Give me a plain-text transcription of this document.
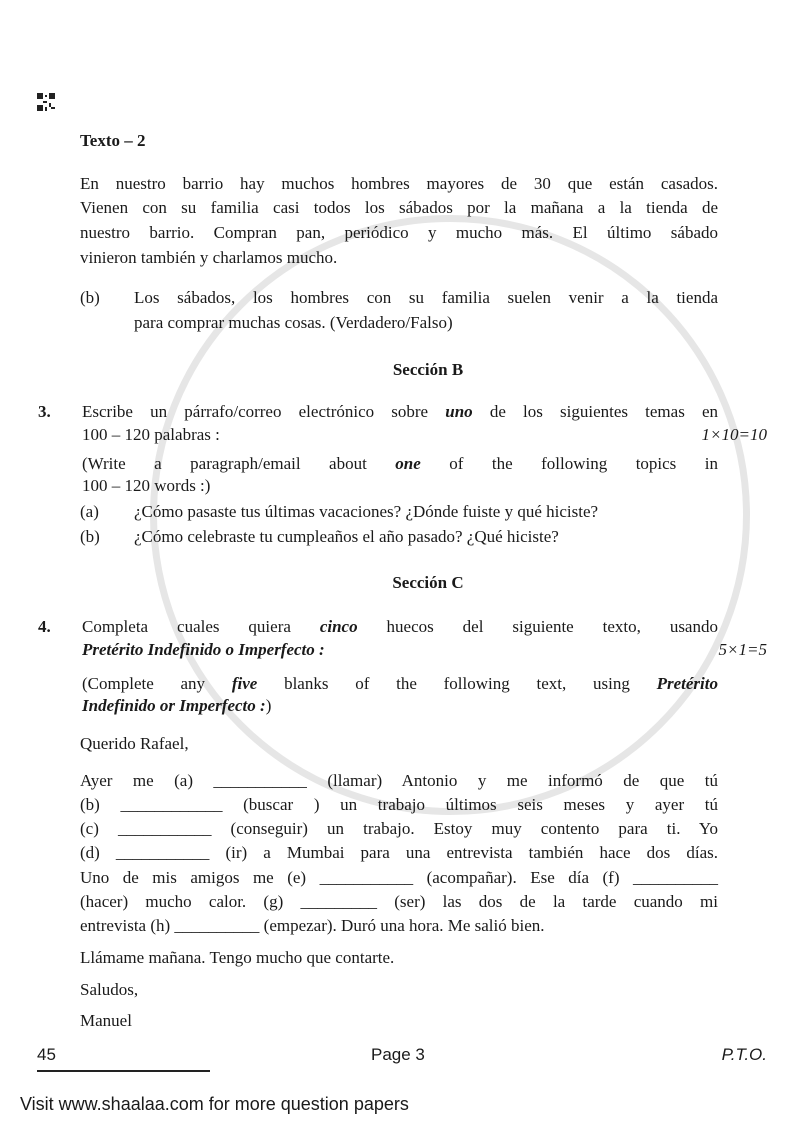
Texto – 2
En nuestro barrio hay muchos hombres mayores de 30 que están casados.
Vienen con su familia casi todos los sábados por la mañana a la tienda de
nuestro barrio. Compran pan, periódico y mucho más. El último sábado
vinieron también y charlamos mucho.
(b) Los sábados, los hombres con su familia suelen venir a la tienda
para comprar muchas cosas. (Verdadero/Falso)
Sección B
3. Escribe un párrafo/correo electrónico sobre uno de los siguientes temas en
100 – 120 palabras :	1×10=10
(Write a paragraph/email about one of the following topics in
100 – 120 words :)
(a) ¿Cómo pasaste tus últimas vacaciones? ¿Dónde fuiste y qué hiciste?
(b) ¿Cómo celebraste tu cumpleaños el año pasado? ¿Qué hiciste?
Sección C
4. Completa cuales quiera cinco huecos del siguiente texto, usando
Pretérito Indefinido o Imperfecto :	5×1=5
(Complete any five blanks of the following text, using Pretérito
Indefinido or Imperfecto :)
Querido Rafael,
Ayer me (a) ___________ (llamar) Antonio y me informó de que tú
(b) ____________ (buscar ) un trabajo últimos seis meses y ayer tú
(c) ___________ (conseguir) un trabajo. Estoy muy contento para ti. Yo
(d) ___________ (ir) a Mumbai para una entrevista también hace dos días.
Uno de mis amigos me (e) ___________ (acompañar). Ese día (f) __________
(hacer) mucho calor. (g) _________ (ser) las dos de la tarde cuando mi
entrevista (h) __________ (empezar). Duró una hora. Me salió bien.
Llámame mañana. Tengo mucho que contarte.
Saludos,
Manuel
45	Page 3	P.T.O.
Visit www.shaalaa.com for more question papers
